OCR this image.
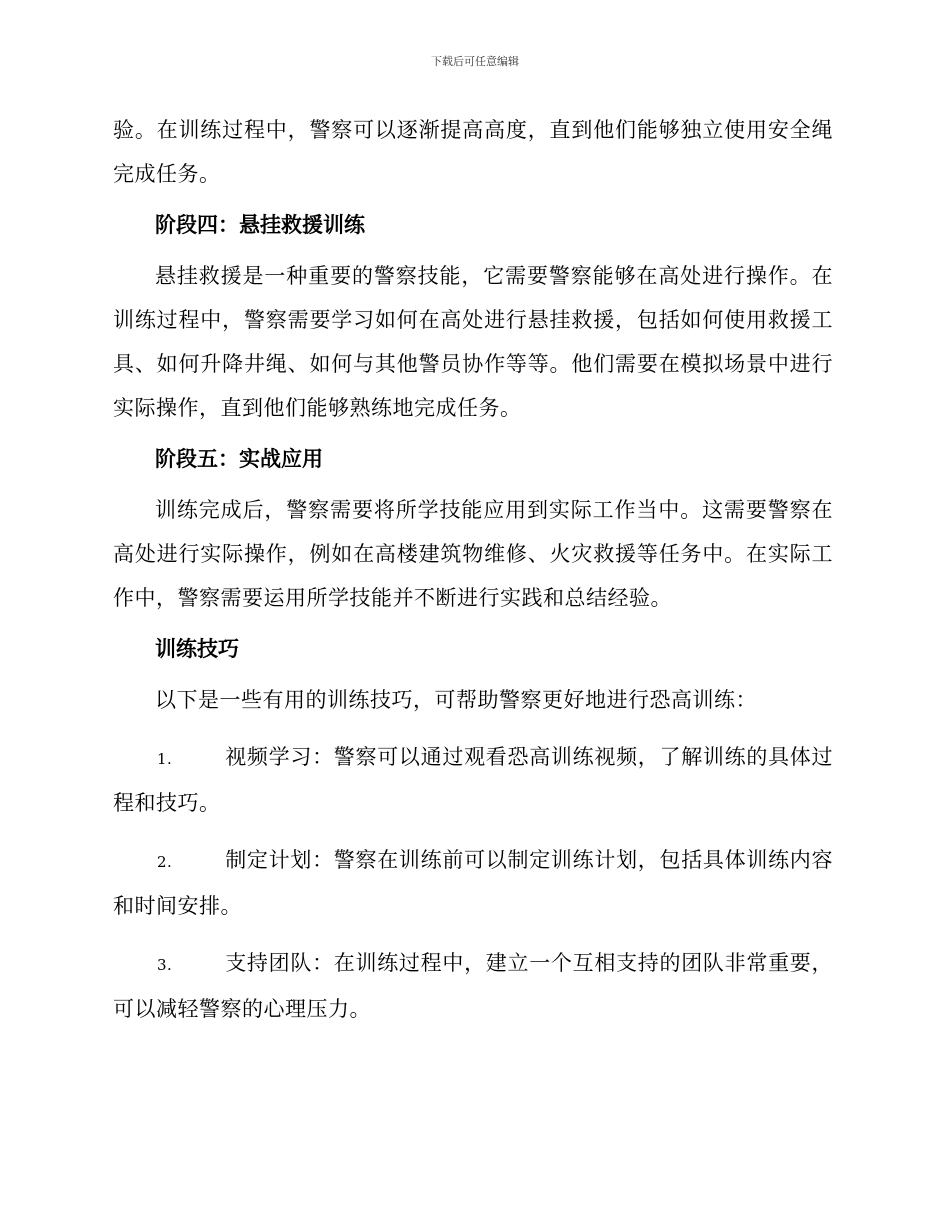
下载后可任意编辑

验。在训练过程中，警察可以逐渐提高高度，直到他们能够独立使用安全绳完成任务。

阶段四：悬挂救援训练

悬挂救援是一种重要的警察技能，它需要警察能够在高处进行操作。在训练过程中，警察需要学习如何在高处进行悬挂救援，包括如何使用救援工具、如何升降井绳、如何与其他警员协作等等。他们需要在模拟场景中进行实际操作，直到他们能够熟练地完成任务。

阶段五：实战应用

训练完成后，警察需要将所学技能应用到实际工作当中。这需要警察在高处进行实际操作，例如在高楼建筑物维修、火灾救援等任务中。在实际工作中，警察需要运用所学技能并不断进行实践和总结经验。

训练技巧

以下是一些有用的训练技巧，可帮助警察更好地进行恐高训练：

1.	视频学习：警察可以通过观看恐高训练视频，了解训练的具体过程和技巧。

2.	制定计划：警察在训练前可以制定训练计划，包括具体训练内容和时间安排。

3.	支持团队：在训练过程中，建立一个互相支持的团队非常重要，可以减轻警察的心理压力。
